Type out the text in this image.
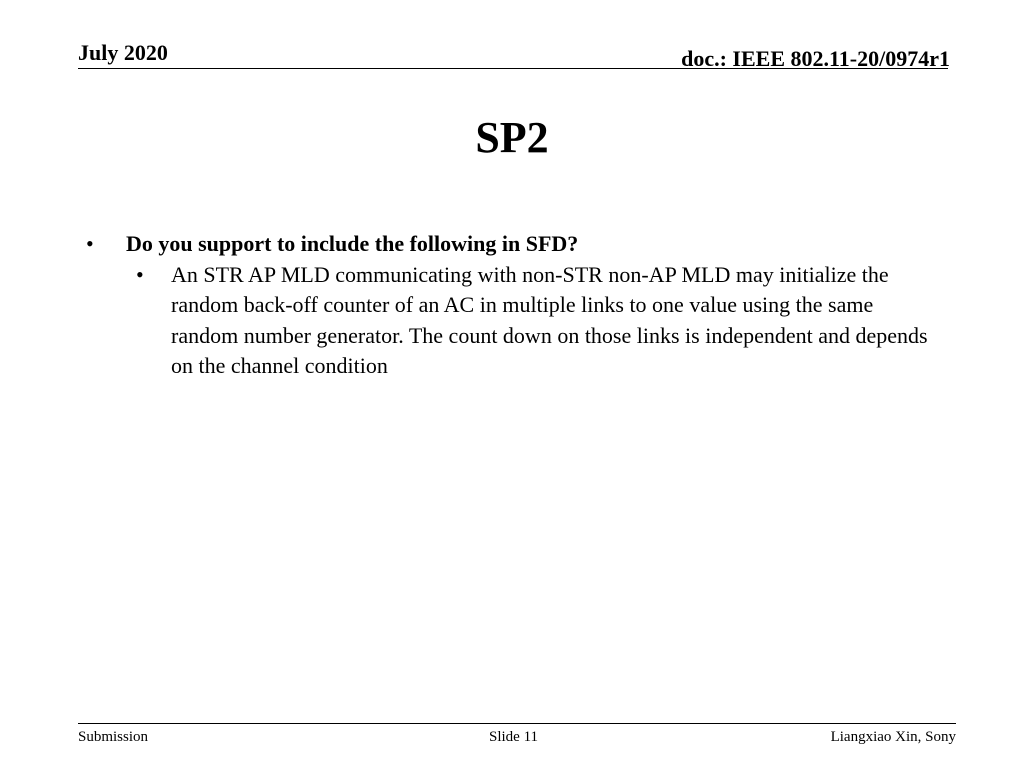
July 2020	doc.: IEEE 802.11-20/0974r1
SP2
•	Do you support to include the following in SFD?
•	An STR AP MLD communicating with non-STR non-AP MLD may initialize the random back-off counter of an AC in multiple links to one value using the same random number generator. The count down on those links is independent and depends on the channel condition
Submission	Slide 11	Liangxiao Xin, Sony
